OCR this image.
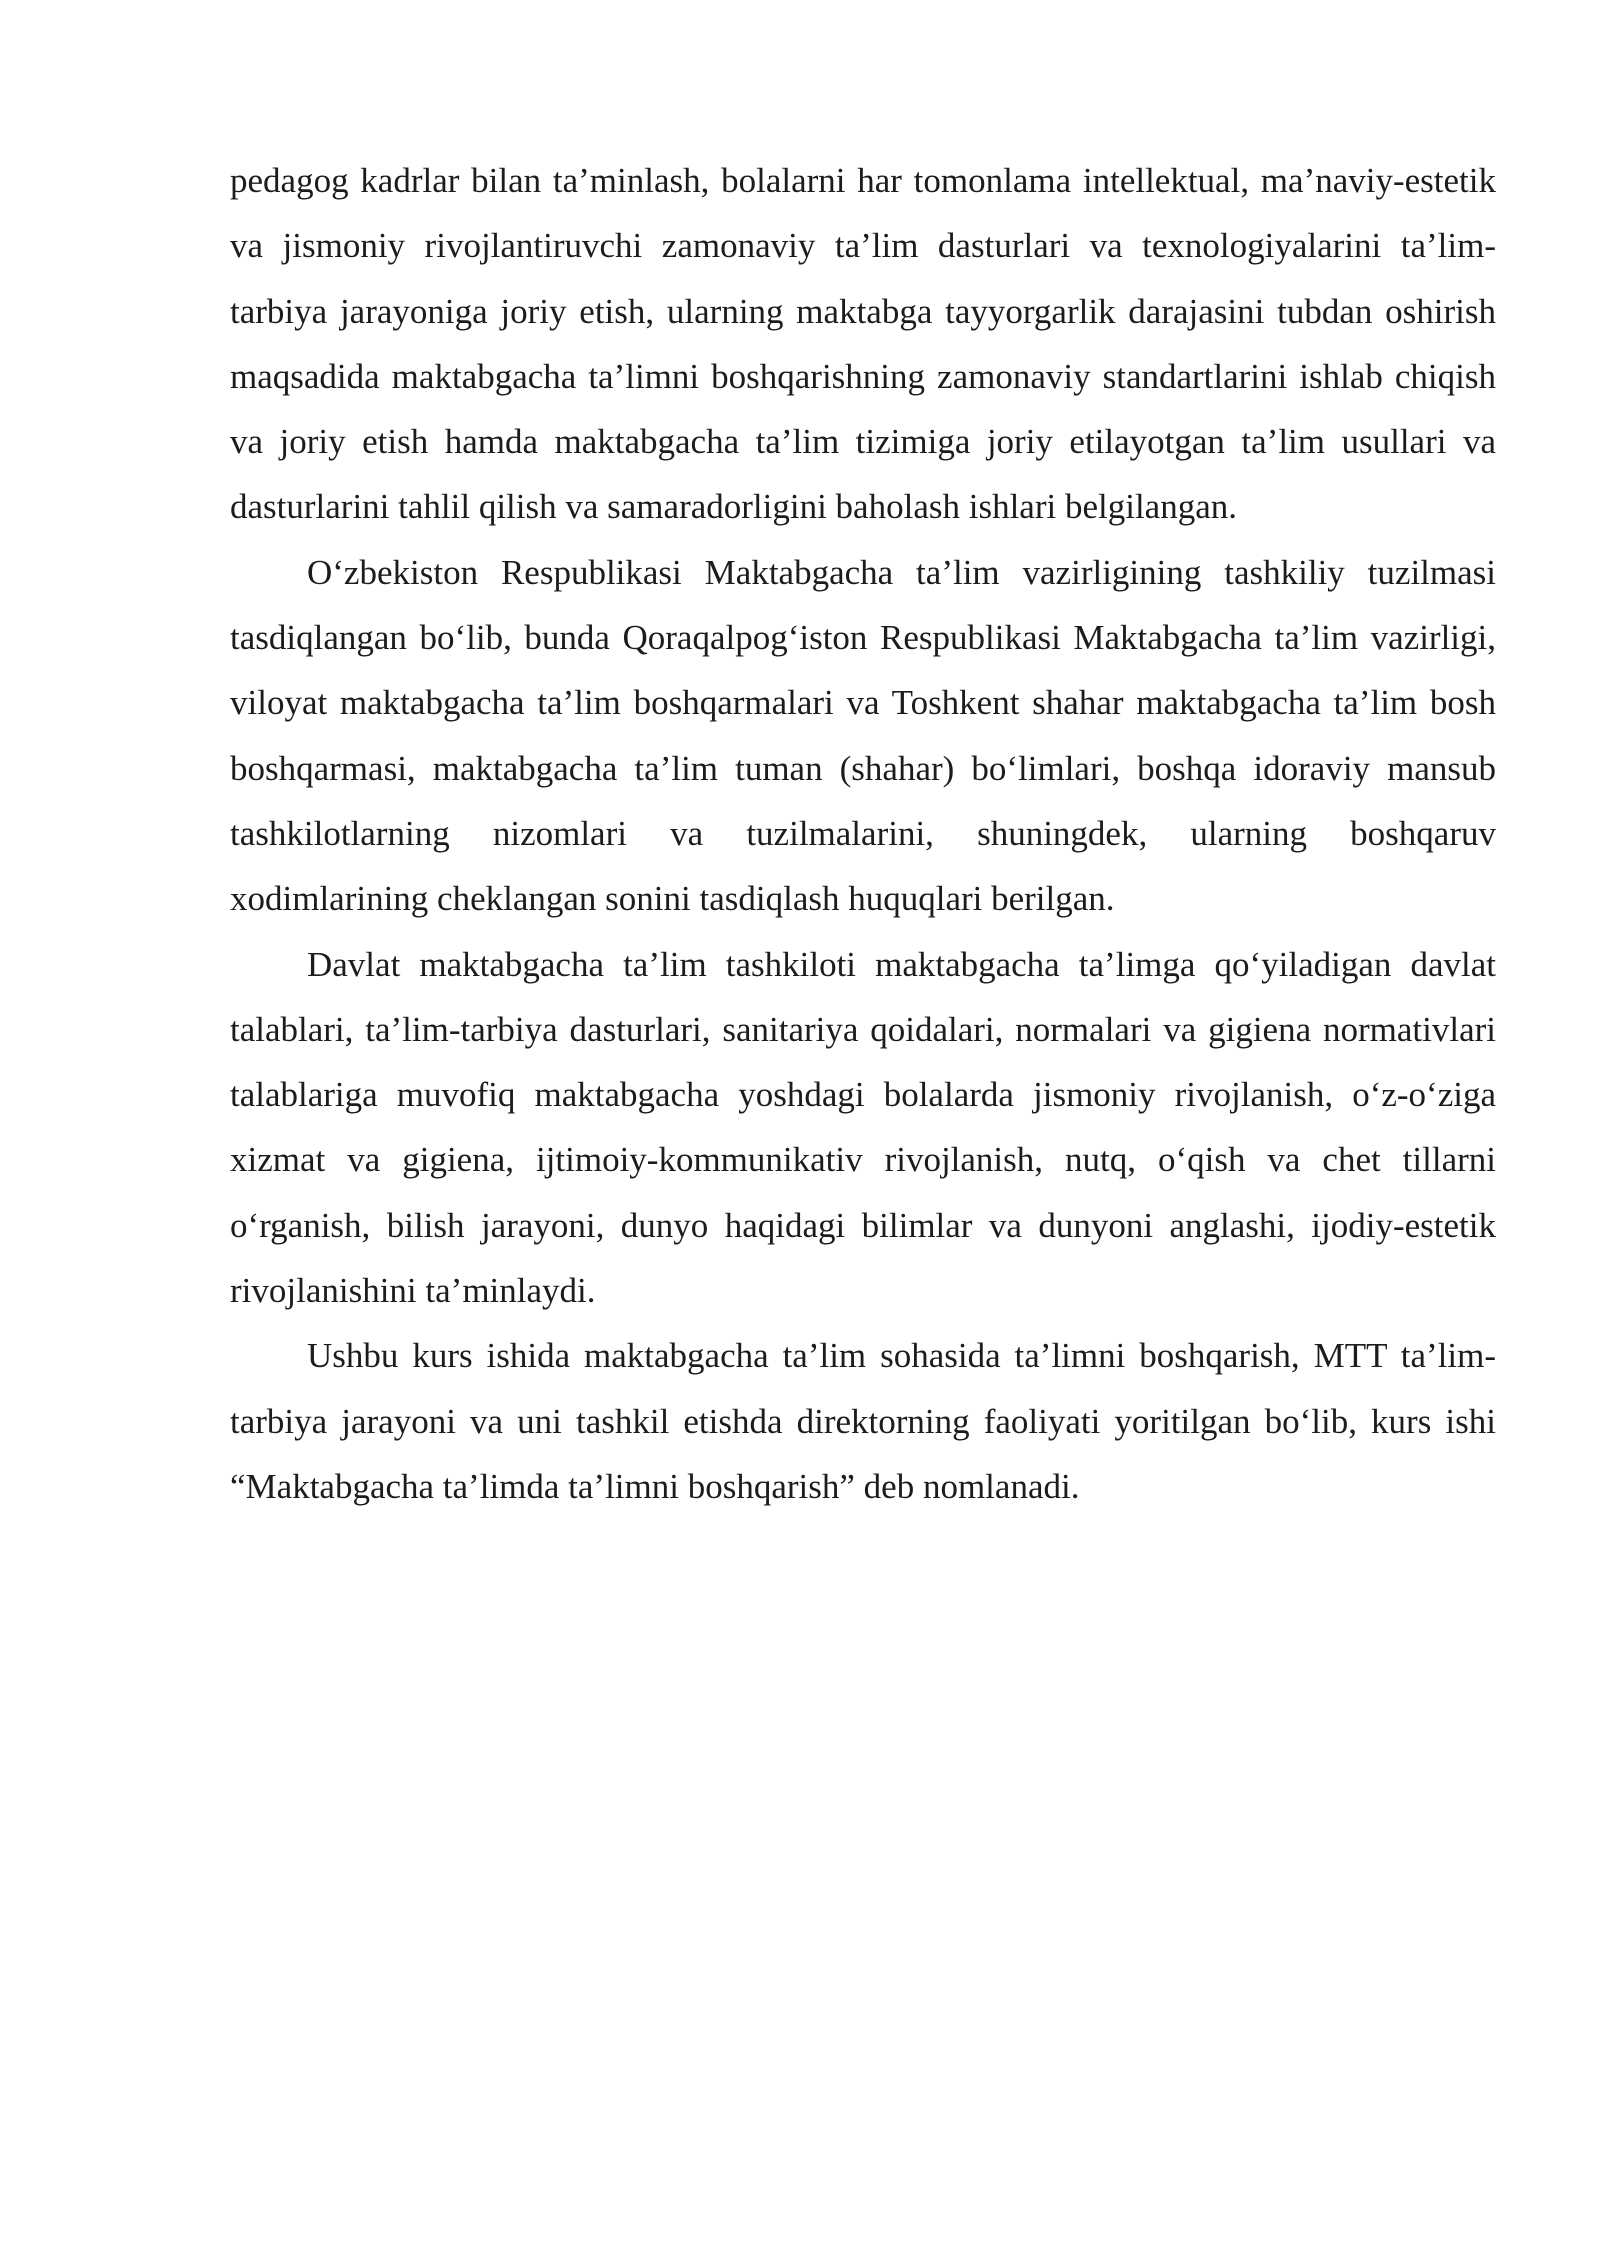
pedagog kadrlar bilan ta’minlash, bolalarni har tomonlama intellektual, ma’naviy-estetik va jismoniy rivojlantiruvchi zamonaviy ta’lim dasturlari va texnologiyalarini ta’lim-tarbiya jarayoniga joriy etish, ularning maktabga tayyorgarlik darajasini tubdan oshirish maqsadida maktabgacha ta’limni boshqarishning zamonaviy standartlarini ishlab chiqish va joriy etish hamda maktabgacha ta’lim tizimiga joriy etilayotgan ta’lim usullari va dasturlarini tahlil qilish va samaradorligini baholash ishlari belgilangan.

O‘zbekiston Respublikasi Maktabgacha ta’lim vazirligining tashkiliy tuzilmasi tasdiqlangan bo‘lib, bunda Qoraqalpog‘iston Respublikasi Maktabgacha ta’lim vazirligi, viloyat maktabgacha ta’lim boshqarmalari va Toshkent shahar maktabgacha ta’lim bosh boshqarmasi, maktabgacha ta’lim tuman (shahar) bo‘limlari, boshqa idoraviy mansub tashkilotlarning nizomlari va tuzilmalarini, shuningdek, ularning boshqaruv xodimlarining cheklangan sonini tasdiqlash huquqlari berilgan.

Davlat maktabgacha ta’lim tashkiloti maktabgacha ta’limga qo‘yiladigan davlat talablari, ta’lim-tarbiya dasturlari, sanitariya qoidalari, normalari va gigiena normativlari talablariga muvofiq maktabgacha yoshdagi bolalarda jismoniy rivojlanish, o‘z-o‘ziga xizmat va gigiena, ijtimoiy-kommunikativ rivojlanish, nutq, o‘qish va chet tillarni o‘rganish, bilish jarayoni, dunyo haqidagi bilimlar va dunyoni anglashi, ijodiy-estetik rivojlanishini ta’minlaydi.

Ushbu kurs ishida maktabgacha ta’lim sohasida ta’limni boshqarish, MTT ta’lim-tarbiya jarayoni va uni tashkil etishda direktorning faoliyati yoritilgan bo‘lib, kurs ishi “Maktabgacha ta’limda ta’limni boshqarish” deb nomlanadi.
